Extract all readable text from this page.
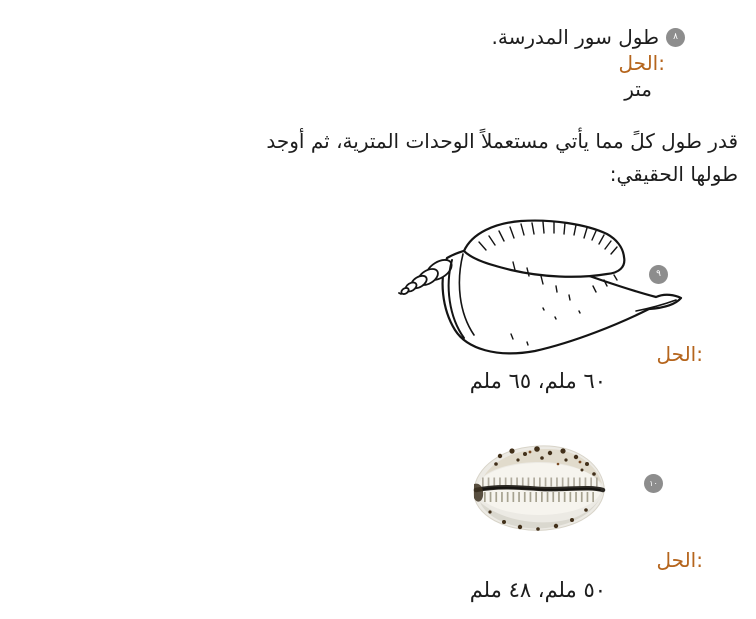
٨
طول سور المدرسة.
الحل:
متر
قدر طول كلً مما يأتي مستعملاً الوحدات المترية، ثم أوجد
طولها الحقيقي:
٩
الحل:
٦٠ ملم، ٦٥ ملم
١٠
الحل:
٥٠ ملم، ٤٨ ملم
